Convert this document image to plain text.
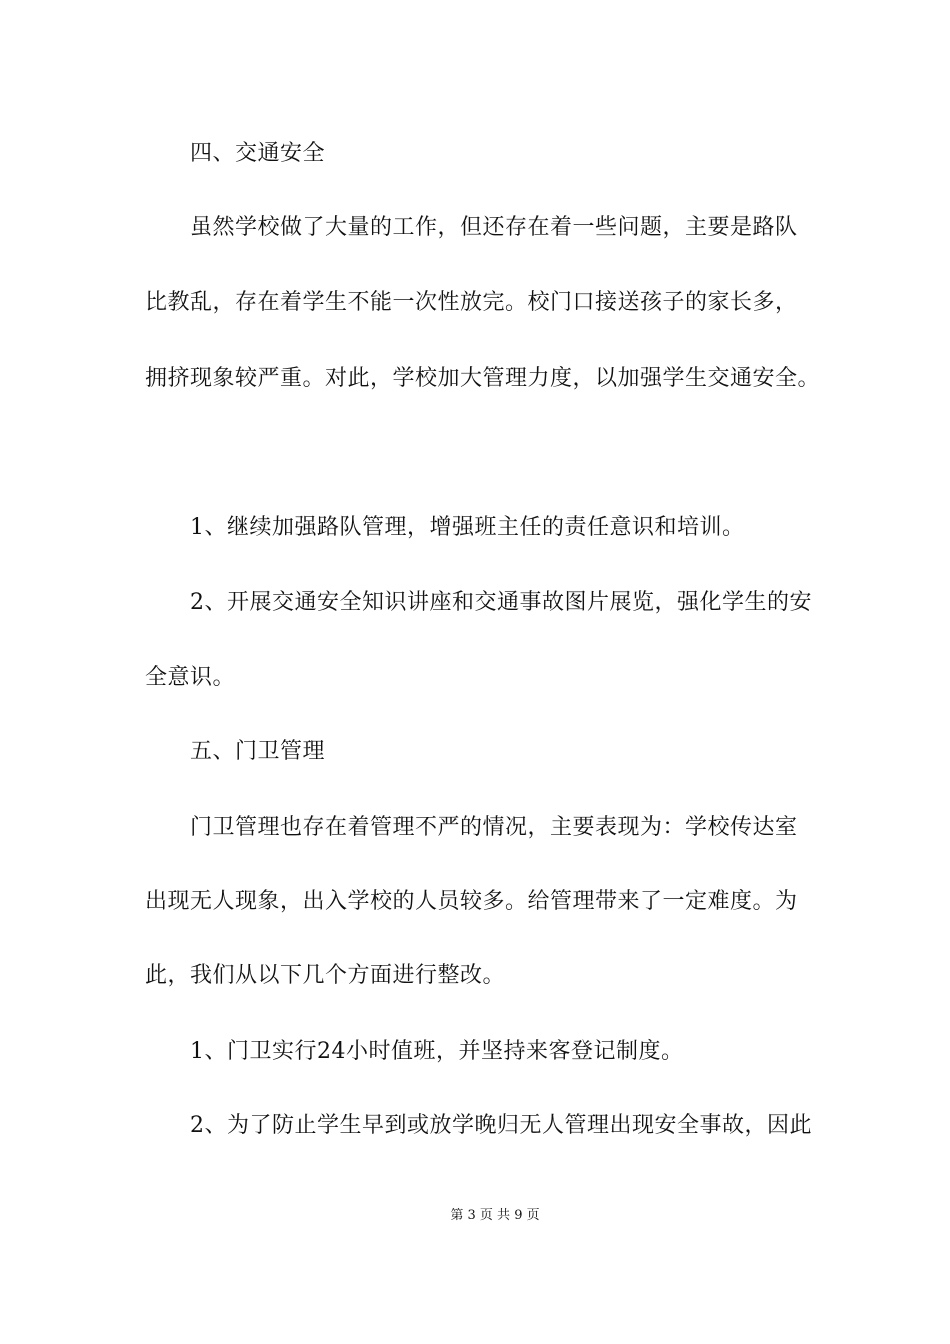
四、交通安全
虽然学校做了大量的工作，但还存在着一些问题，主要是路队
比教乱，存在着学生不能一次性放完。校门口接送孩子的家长多，
拥挤现象较严重。对此，学校加大管理力度，以加强学生交通安全。
1、继续加强路队管理，增强班主任的责任意识和培训。
2、开展交通安全知识讲座和交通事故图片展览，强化学生的安
全意识。
五、门卫管理
门卫管理也存在着管理不严的情况，主要表现为：学校传达室
出现无人现象，出入学校的人员较多。给管理带来了一定难度。为
此，我们从以下几个方面进行整改。
1、门卫实行24小时值班，并坚持来客登记制度。
2、为了防止学生早到或放学晚归无人管理出现安全事故，因此
第 3 页 共 9 页
